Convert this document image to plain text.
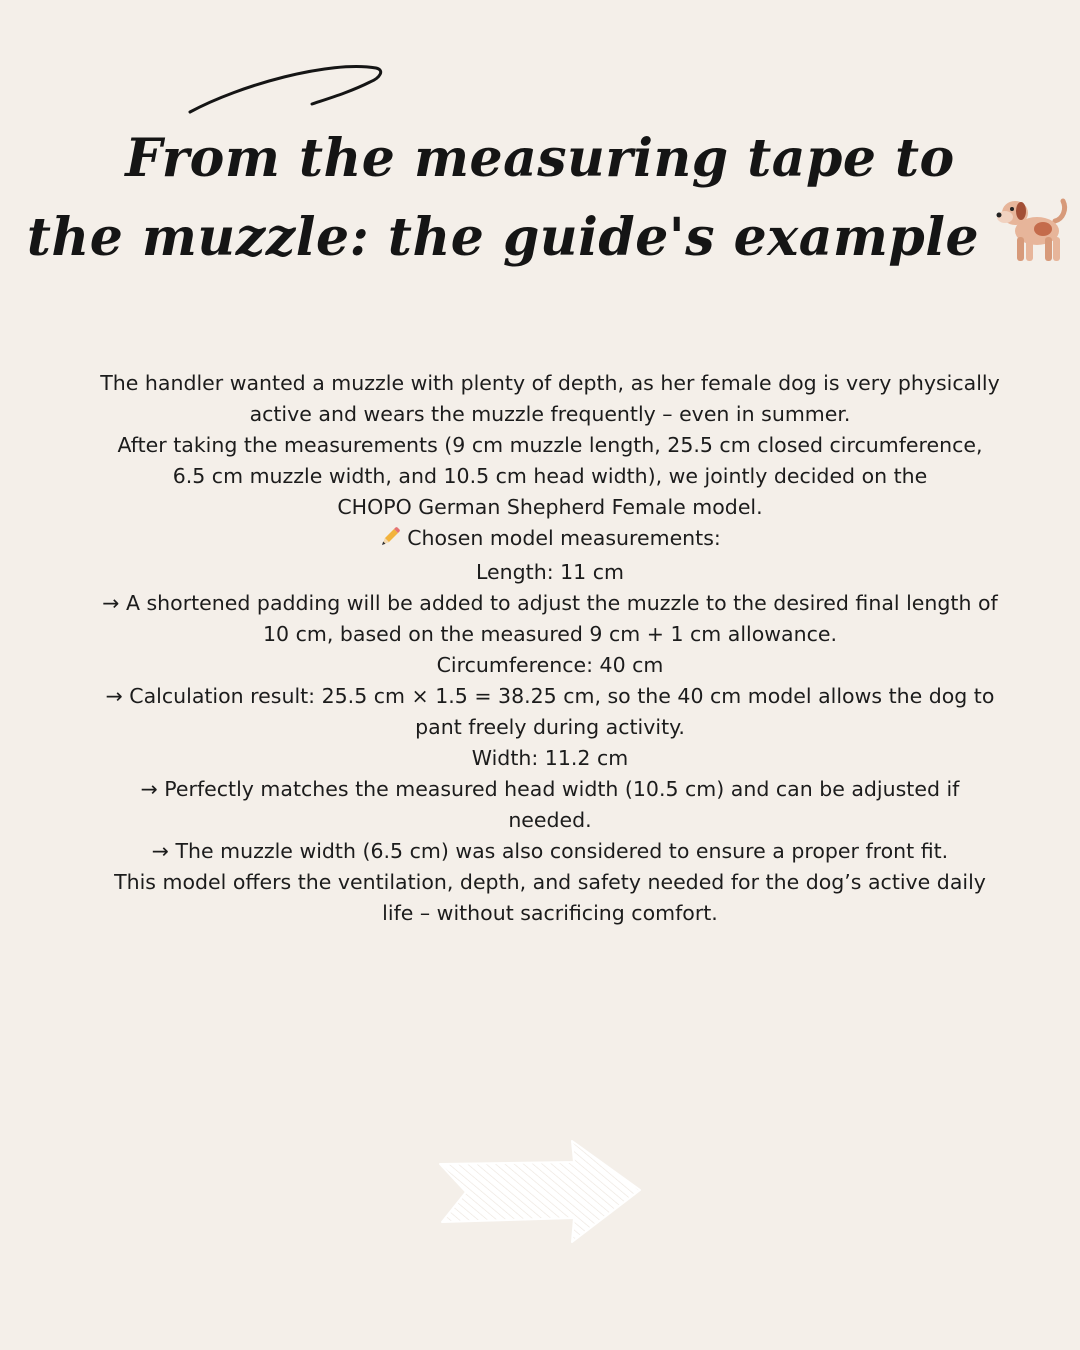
From the measuring tape to
the muzzle: the guide's example

The handler wanted a muzzle with plenty of depth, as her female dog is very physically active and wears the muzzle frequently – even in summer.

After taking the measurements (9 cm muzzle length, 25.5 cm closed circumference, 6.5 cm muzzle width, and 10.5 cm head width), we jointly decided on the

CHOPO German Shepherd Female model.

Chosen model measurements:

Length: 11 cm

→ A shortened padding will be added to adjust the muzzle to the desired final length of 10 cm, based on the measured 9 cm + 1 cm allowance.

Circumference: 40 cm

→ Calculation result: 25.5 cm × 1.5 = 38.25 cm, so the 40 cm model allows the dog to pant freely during activity.

Width: 11.2 cm

→ Perfectly matches the measured head width (10.5 cm) and can be adjusted if needed.

→ The muzzle width (6.5 cm) was also considered to ensure a proper front fit.

This model offers the ventilation, depth, and safety needed for the dog’s active daily life – without sacrificing comfort.
